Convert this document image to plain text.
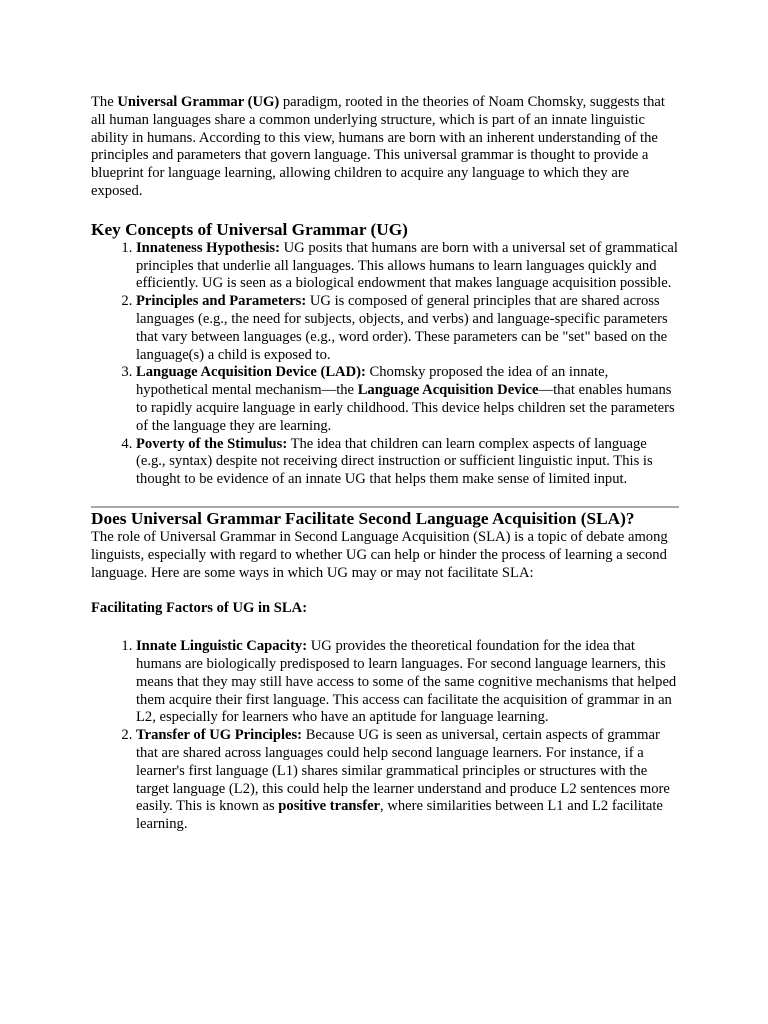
The Universal Grammar (UG) paradigm, rooted in the theories of Noam Chomsky, suggests that all human languages share a common underlying structure, which is part of an innate linguistic ability in humans. According to this view, humans are born with an inherent understanding of the principles and parameters that govern language. This universal grammar is thought to provide a blueprint for language learning, allowing children to acquire any language to which they are exposed.

Key Concepts of Universal Grammar (UG)
1. Innateness Hypothesis: UG posits that humans are born with a universal set of grammatical principles that underlie all languages. This allows humans to learn languages quickly and efficiently. UG is seen as a biological endowment that makes language acquisition possible.
2. Principles and Parameters: UG is composed of general principles that are shared across languages (e.g., the need for subjects, objects, and verbs) and language-specific parameters that vary between languages (e.g., word order). These parameters can be "set" based on the language(s) a child is exposed to.
3. Language Acquisition Device (LAD): Chomsky proposed the idea of an innate, hypothetical mental mechanism—the Language Acquisition Device—that enables humans to rapidly acquire language in early childhood. This device helps children set the parameters of the language they are learning.
4. Poverty of the Stimulus: The idea that children can learn complex aspects of language (e.g., syntax) despite not receiving direct instruction or sufficient linguistic input. This is thought to be evidence of an innate UG that helps them make sense of limited input.
Does Universal Grammar Facilitate Second Language Acquisition (SLA)?

The role of Universal Grammar in Second Language Acquisition (SLA) is a topic of debate among linguists, especially with regard to whether UG can help or hinder the process of learning a second language. Here are some ways in which UG may or may not facilitate SLA:

Facilitating Factors of UG in SLA:
1. Innate Linguistic Capacity: UG provides the theoretical foundation for the idea that humans are biologically predisposed to learn languages. For second language learners, this means that they may still have access to some of the same cognitive mechanisms that helped them acquire their first language. This access can facilitate the acquisition of grammar in an L2, especially for learners who have an aptitude for language learning.
2. Transfer of UG Principles: Because UG is seen as universal, certain aspects of grammar that are shared across languages could help second language learners. For instance, if a learner's first language (L1) shares similar grammatical principles or structures with the target language (L2), this could help the learner understand and produce L2 sentences more easily. This is known as positive transfer, where similarities between L1 and L2 facilitate learning.
